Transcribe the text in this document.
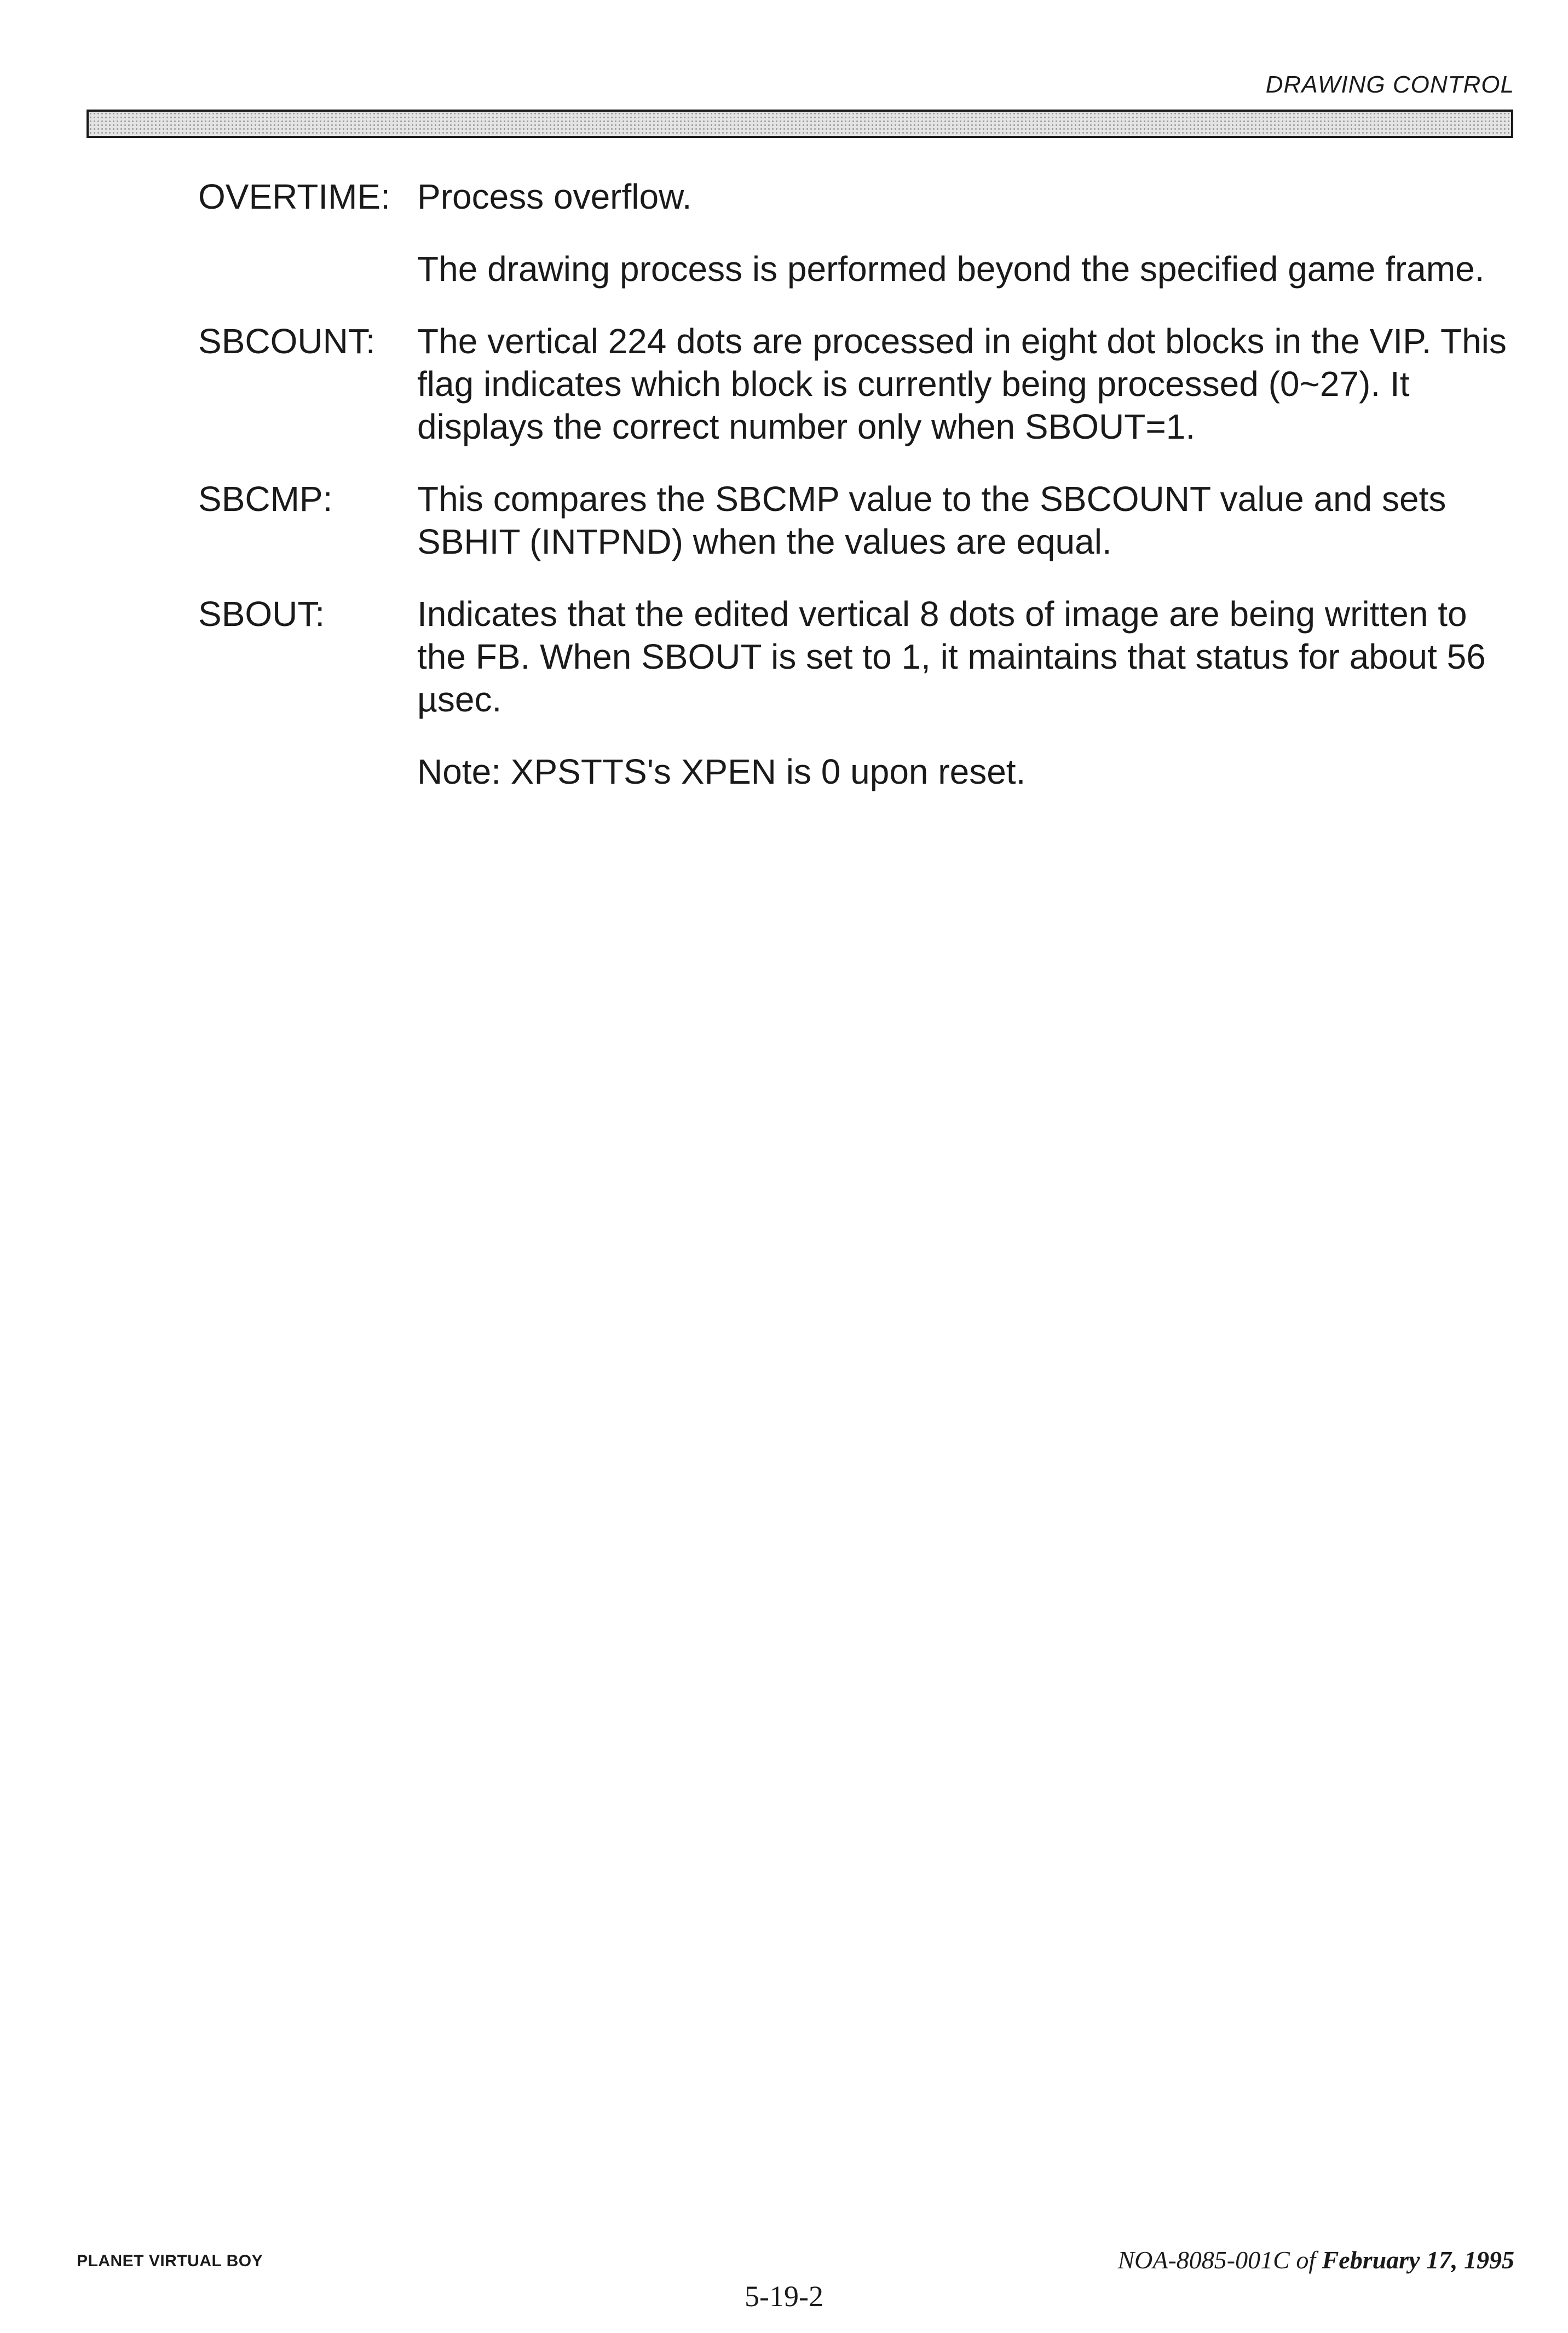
DRAWING CONTROL
OVERTIME: Process overflow.

The drawing process is performed beyond the specified game frame.

SBCOUNT:	The vertical 224 dots are processed in eight dot blocks in the VIP. This flag indicates which block is currently being processed (0~27). It displays the correct number only when SBOUT=1.

SBCMP:	This compares the SBCMP value to the SBCOUNT value and sets SBHIT (INTPND) when the values are equal.

SBOUT:	Indicates that the edited vertical 8 dots of image are being written to the FB. When SBOUT is set to 1, it maintains that status for about 56 µsec.

Note: XPSTTS's XPEN is 0 upon reset.
PLANET VIRTUAL BOY	NOA-8085-001C of February 17, 1995
5-19-2
